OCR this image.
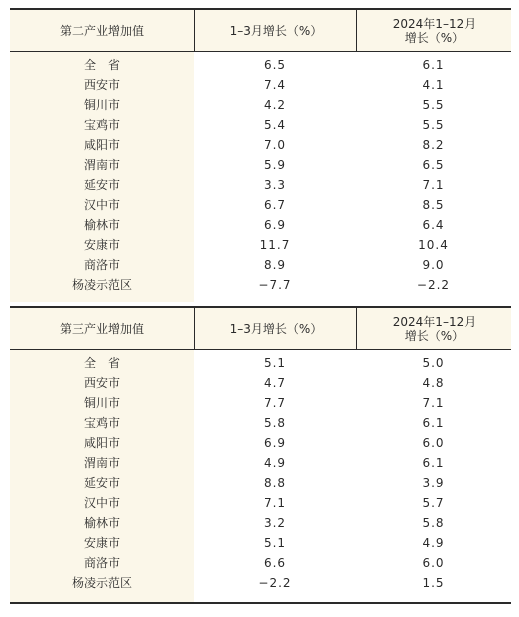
第二产业增加值	1–3月增长（%）	2024年1–12月
增长（%）
全　省	6.5	6.1
西安市	7.4	4.1
铜川市	4.2	5.5
宝鸡市	5.4	5.5
咸阳市	7.0	8.2
渭南市	5.9	6.5
延安市	3.3	7.1
汉中市	6.7	8.5
榆林市	6.9	6.4
安康市	11.7	10.4
商洛市	8.9	9.0
杨凌示范区	−7.7	−2.2
第三产业增加值	1–3月增长（%）	2024年1–12月
增长（%）
全　省	5.1	5.0
西安市	4.7	4.8
铜川市	7.7	7.1
宝鸡市	5.8	6.1
咸阳市	6.9	6.0
渭南市	4.9	6.1
延安市	8.8	3.9
汉中市	7.1	5.7
榆林市	3.2	5.8
安康市	5.1	4.9
商洛市	6.6	6.0
杨凌示范区	−2.2	1.5
